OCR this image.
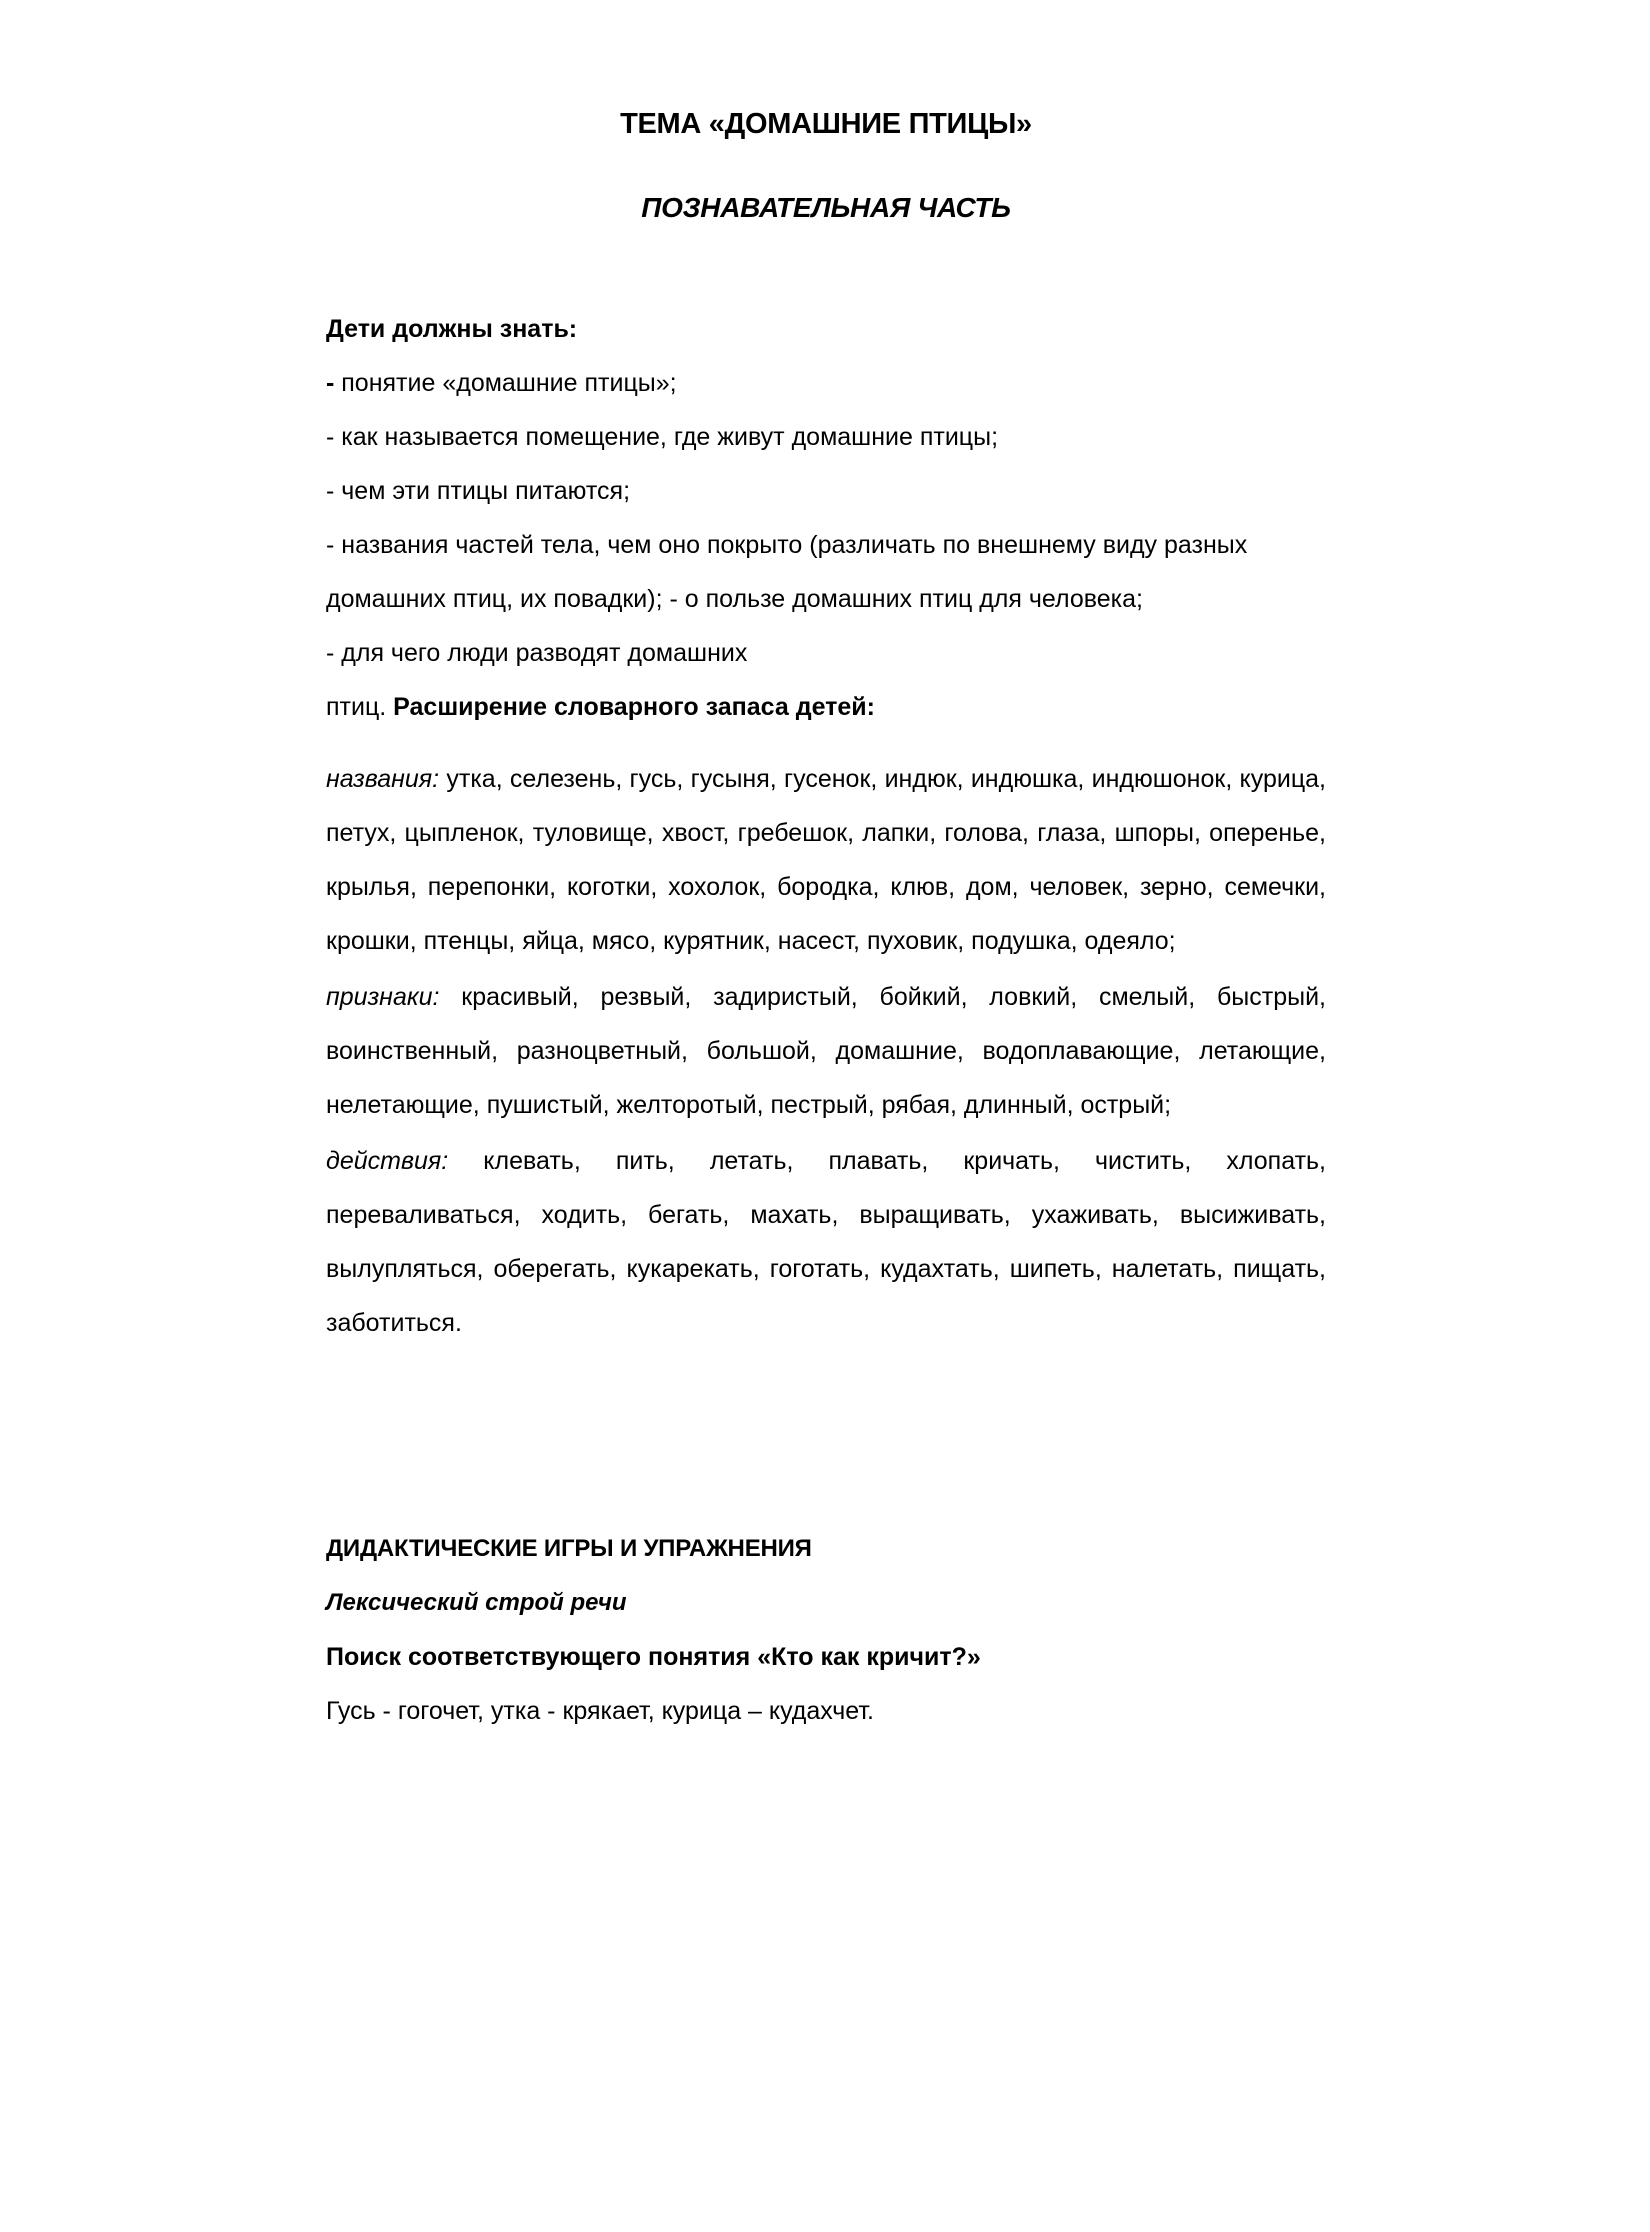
ТЕМА «ДОМАШНИЕ ПТИЦЫ»
ПОЗНАВАТЕЛЬНАЯ ЧАСТЬ

Дети должны знать:

- понятие «домашние птицы»;

- как называется помещение, где живут домашние птицы;

- чем эти птицы питаются;

- названия частей тела, чем оно покрыто (различать по внешнему виду разных

домашних птиц, их повадки); - о пользе домашних птиц для человека;

- для чего люди разводят домашних

птиц. Расширение словарного запаса детей:

названия: утка, селезень, гусь, гусыня, гусенок, индюк, индюшка, индюшонок, курица, петух, цыпленок, туловище, хвост, гребешок, лапки, голова, глаза, шпоры, оперенье, крылья, перепонки, коготки, хохолок, бородка, клюв, дом, человек, зерно, семечки, крошки, птенцы, яйца, мясо, курятник, насест, пуховик, подушка, одеяло;

признаки: красивый, резвый, задиристый, бойкий, ловкий, смелый, быстрый, воинственный, разноцветный, большой, домашние, водоплавающие, летающие, нелетающие, пушистый, желторотый, пестрый, рябая, длинный, острый;

действия: клевать, пить, летать, плавать, кричать, чистить, хлопать, переваливаться, ходить, бегать, махать, выращивать, ухаживать, высиживать, вылупляться, оберегать, кукарекать, гоготать, кудахтать, шипеть, налетать, пищать, заботиться.

ДИДАКТИЧЕСКИЕ ИГРЫ И УПРАЖНЕНИЯ

Лексический строй речи

Поиск соответствующего понятия «Кто как кричит?»

Гусь - гогочет, утка - крякает, курица – кудахчет.
